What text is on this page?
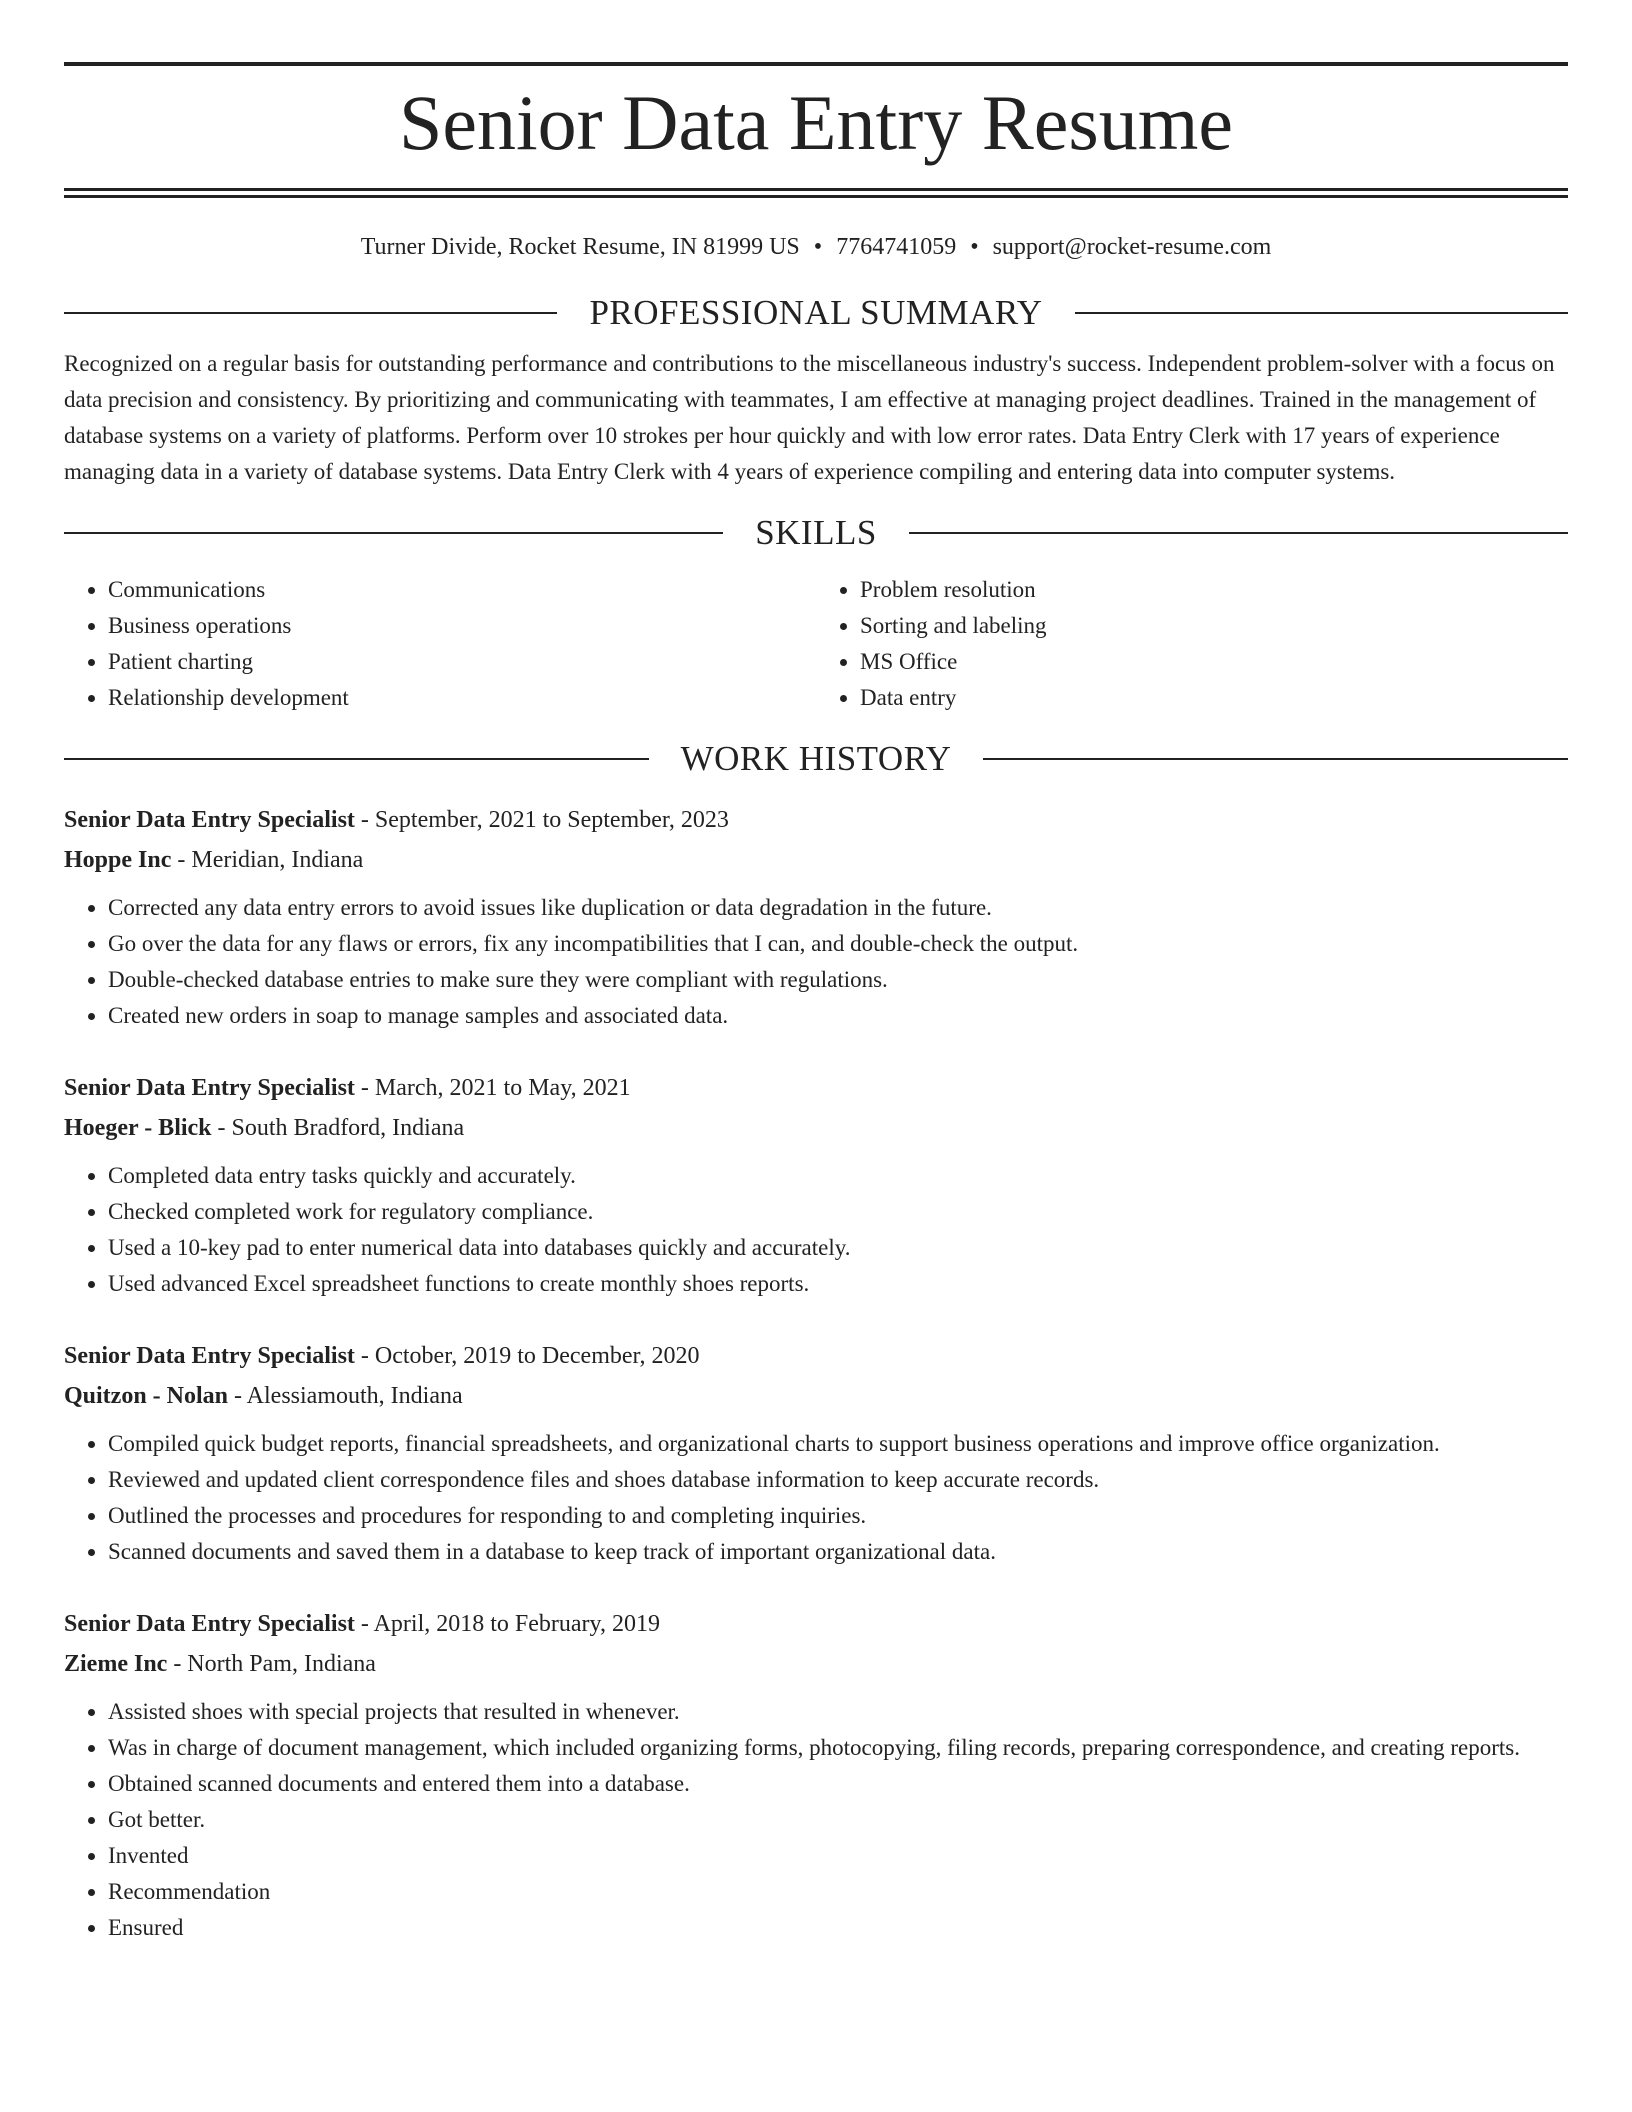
Senior Data Entry Resume
Turner Divide, Rocket Resume, IN 81999 US • 7764741059 • support@rocket-resume.com
PROFESSIONAL SUMMARY

Recognized on a regular basis for outstanding performance and contributions to the miscellaneous industry's success. Independent problem-solver with a focus on data precision and consistency. By prioritizing and communicating with teammates, I am effective at managing project deadlines. Trained in the management of database systems on a variety of platforms. Perform over 10 strokes per hour quickly and with low error rates. Data Entry Clerk with 17 years of experience managing data in a variety of database systems. Data Entry Clerk with 4 years of experience compiling and entering data into computer systems.

SKILLS
• Communications
• Business operations
• Patient charting
• Relationship development
• Problem resolution
• Sorting and labeling
• MS Office
• Data entry
WORK HISTORY
Senior Data Entry Specialist - September, 2021 to September, 2023
Hoppe Inc - Meridian, Indiana
• Corrected any data entry errors to avoid issues like duplication or data degradation in the future.
• Go over the data for any flaws or errors, fix any incompatibilities that I can, and double-check the output.
• Double-checked database entries to make sure they were compliant with regulations.
• Created new orders in soap to manage samples and associated data.
Senior Data Entry Specialist - March, 2021 to May, 2021
Hoeger - Blick - South Bradford, Indiana
• Completed data entry tasks quickly and accurately.
• Checked completed work for regulatory compliance.
• Used a 10-key pad to enter numerical data into databases quickly and accurately.
• Used advanced Excel spreadsheet functions to create monthly shoes reports.
Senior Data Entry Specialist - October, 2019 to December, 2020
Quitzon - Nolan - Alessiamouth, Indiana
• Compiled quick budget reports, financial spreadsheets, and organizational charts to support business operations and improve office organization.
• Reviewed and updated client correspondence files and shoes database information to keep accurate records.
• Outlined the processes and procedures for responding to and completing inquiries.
• Scanned documents and saved them in a database to keep track of important organizational data.
Senior Data Entry Specialist - April, 2018 to February, 2019
Zieme Inc - North Pam, Indiana
• Assisted shoes with special projects that resulted in whenever.
• Was in charge of document management, which included organizing forms, photocopying, filing records, preparing correspondence, and creating reports.
• Obtained scanned documents and entered them into a database.
• Got better.
• Invented
• Recommendation
• Ensured
